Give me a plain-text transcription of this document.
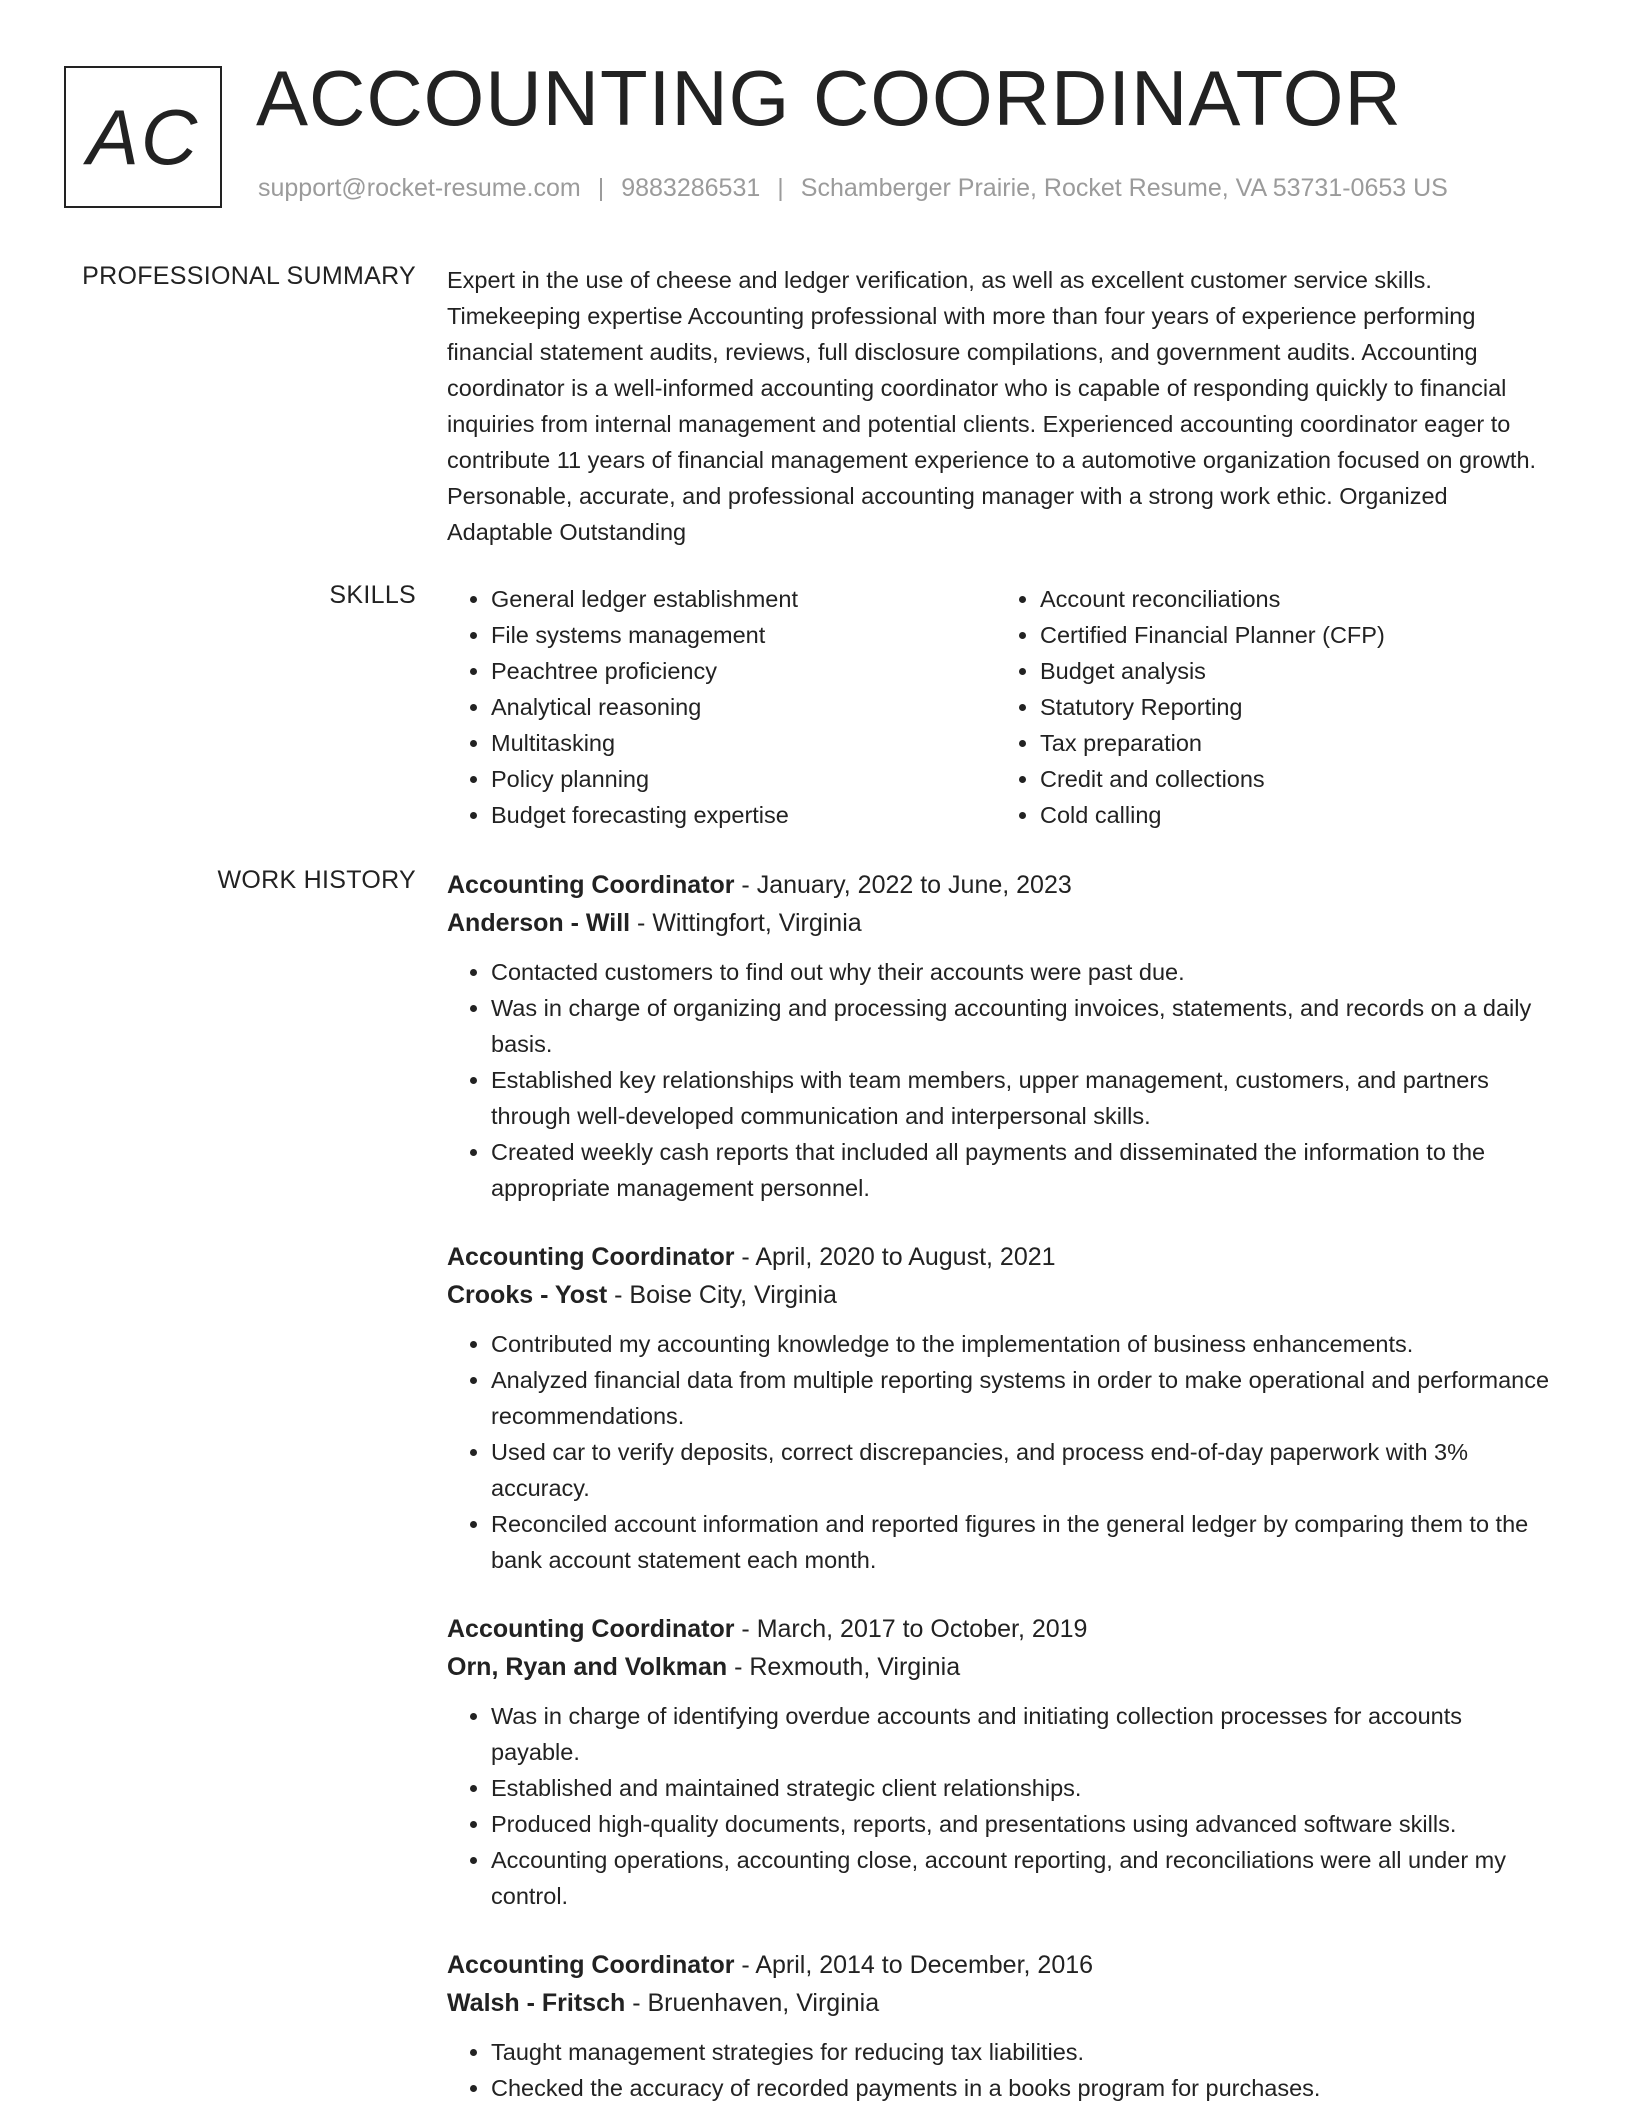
AC ACCOUNTING COORDINATOR
support@rocket-resume.com | 9883286531 | Schamberger Prairie, Rocket Resume, VA 53731-0653 US
PROFESSIONAL SUMMARY Expert in the use of cheese and ledger verification, as well as excellent customer service skills. Timekeeping expertise Accounting professional with more than four years of experience performing financial statement audits, reviews, full disclosure compilations, and government audits. Accounting coordinator is a well-informed accounting coordinator who is capable of responding quickly to financial inquiries from internal management and potential clients. Experienced accounting coordinator eager to contribute 11 years of financial management experience to a automotive organization focused on growth. Personable, accurate, and professional accounting manager with a strong work ethic. Organized Adaptable Outstanding

SKILLS
•	General ledger establishment
• File systems management
• Peachtree proficiency
• Analytical reasoning
• Multitasking
• Policy planning
• Budget forecasting expertise
• Account reconciliations
• Certified Financial Planner (CFP)
• Budget analysis
• Statutory Reporting
• Tax preparation
• Credit and collections
• Cold calling
WORK HISTORY Accounting Coordinator - January, 2022 to June, 2023
Anderson - Will - Wittingfort, Virginia
• Contacted customers to find out why their accounts were past due.
• Was in charge of organizing and processing accounting invoices, statements, and records on a daily basis.
• Established key relationships with team members, upper management, customers, and partners through well-developed communication and interpersonal skills.
• Created weekly cash reports that included all payments and disseminated the information to the appropriate management personnel.
Accounting Coordinator - April, 2020 to August, 2021
Crooks - Yost - Boise City, Virginia
• Contributed my accounting knowledge to the implementation of business enhancements.
• Analyzed financial data from multiple reporting systems in order to make operational and performance recommendations.
• Used car to verify deposits, correct discrepancies, and process end-of-day paperwork with 3% accuracy.
• Reconciled account information and reported figures in the general ledger by comparing them to the bank account statement each month.
Accounting Coordinator - March, 2017 to October, 2019
Orn, Ryan and Volkman - Rexmouth, Virginia
• Was in charge of identifying overdue accounts and initiating collection processes for accounts payable.
• Established and maintained strategic client relationships.
• Produced high-quality documents, reports, and presentations using advanced software skills.
• Accounting operations, accounting close, account reporting, and reconciliations were all under my control.
Accounting Coordinator - April, 2014 to December, 2016
Walsh - Fritsch - Bruenhaven, Virginia
• Taught management strategies for reducing tax liabilities.
• Checked the accuracy of recorded payments in a books program for purchases.
